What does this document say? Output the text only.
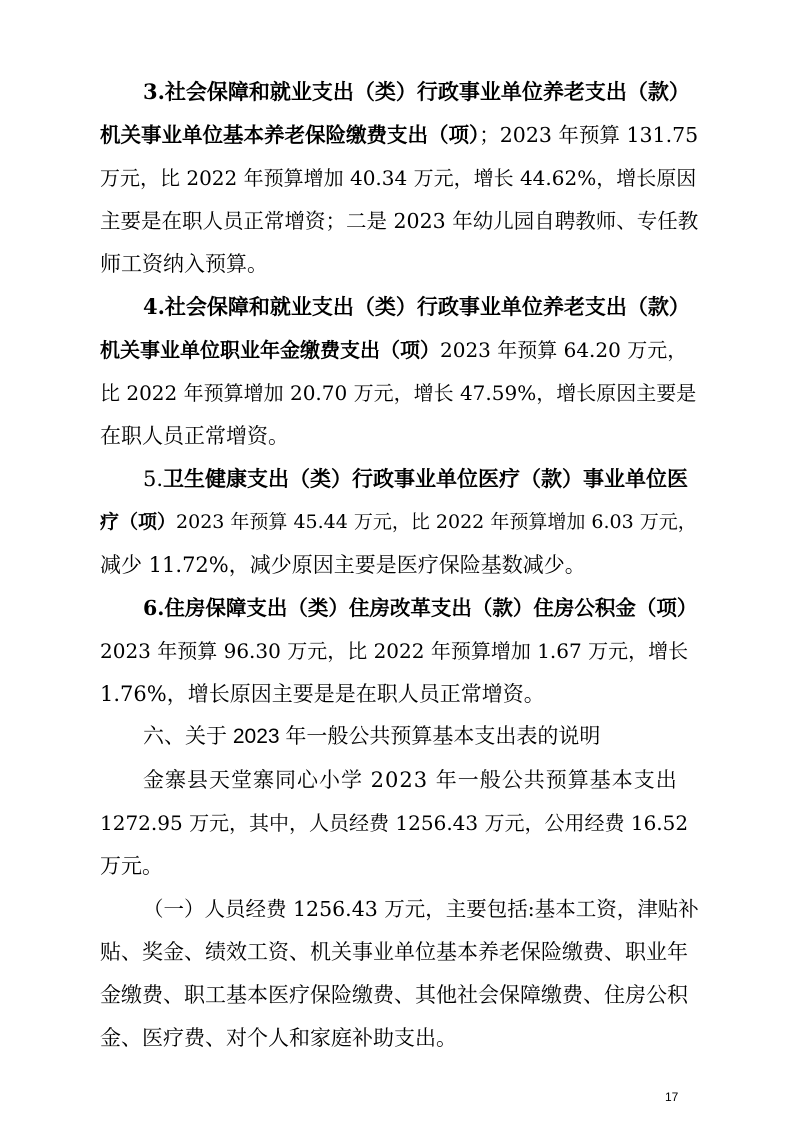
3.社会保障和就业支出（类）行政事业单位养老支出（款）
机关事业单位基本养老保险缴费支出（项）；2023 年预算 131.75
万元，比 2022 年预算增加 40.34 万元，增长 44.62%，增长原因
主要是在职人员正常增资；二是 2023 年幼儿园自聘教师、专任教
师工资纳入预算。
4.社会保障和就业支出（类）行政事业单位养老支出（款）
机关事业单位职业年金缴费支出（项）2023 年预算 64.20 万元，
比 2022 年预算增加 20.70 万元，增长 47.59%，增长原因主要是
在职人员正常增资。
5.卫生健康支出（类）行政事业单位医疗（款）事业单位医
疗（项）2023 年预算 45.44 万元，比 2022 年预算增加 6.03 万元，
减少 11.72%，减少原因主要是医疗保险基数减少。
6.住房保障支出（类）住房改革支出（款）住房公积金（项）
2023 年预算 96.30 万元，比 2022 年预算增加 1.67 万元，增长
1.76%，增长原因主要是是在职人员正常增资。
六、关于 2023 年一般公共预算基本支出表的说明
金寨县天堂寨同心小学 2023 年一般公共预算基本支出
1272.95 万元，其中，人员经费 1256.43 万元，公用经费 16.52
万元。
（一）人员经费 1256.43 万元，主要包括:基本工资，津贴补
贴、奖金、绩效工资、机关事业单位基本养老保险缴费、职业年
金缴费、职工基本医疗保险缴费、其他社会保障缴费、住房公积
金、医疗费、对个人和家庭补助支出。
17
